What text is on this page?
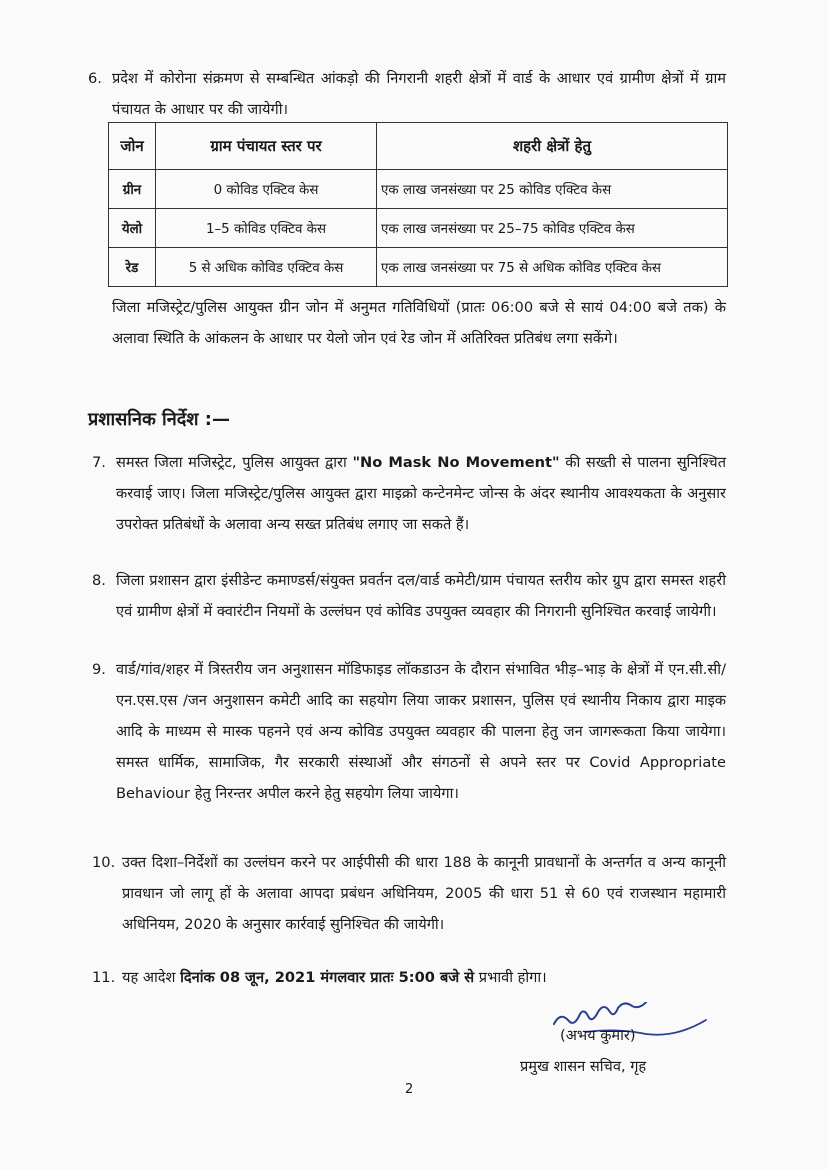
6. प्रदेश में कोरोना संक्रमण से सम्बन्धित आंकड़ो की निगरानी शहरी क्षेत्रों में वार्ड के आधार एवं ग्रामीण क्षेत्रों में ग्राम पंचायत के आधार पर की जायेगी।
जोन	ग्राम पंचायत स्तर पर	शहरी क्षेत्रों हेतु
ग्रीन	0 कोविड एक्टिव केस	एक लाख जनसंख्या पर 25 कोविड एक्टिव केस
येलो	1–5 कोविड एक्टिव केस	एक लाख जनसंख्या पर 25–75 कोविड एक्टिव केस
रेड	5 से अधिक कोविड एक्टिव केस	एक लाख जनसंख्या पर 75 से अधिक कोविड एक्टिव केस
जिला मजिस्ट्रेट/पुलिस आयुक्त ग्रीन जोन में अनुमत गतिविधियों (प्रातः 06:00 बजे से सायं 04:00 बजे तक) के अलावा स्थिति के आंकलन के आधार पर येलो जोन एवं रेड जोन में अतिरिक्त प्रतिबंध लगा सकेंगे।
प्रशासनिक निर्देश :—
7. समस्त जिला मजिस्ट्रेट, पुलिस आयुक्त द्वारा "No Mask No Movement" की सख्ती से पालना सुनिश्चित करवाई जाए। जिला मजिस्ट्रेट/पुलिस आयुक्त द्वारा माइक्रो कन्टेनमेन्ट जोन्स के अंदर स्थानीय आवश्यकता के अनुसार उपरोक्त प्रतिबंधों के अलावा अन्य सख्त प्रतिबंध लगाए जा सकते हैं।
8. जिला प्रशासन द्वारा इंसीडेन्ट कमाण्डर्स/संयुक्त प्रवर्तन दल/वार्ड कमेटी/ग्राम पंचायत स्तरीय कोर ग्रुप द्वारा समस्त शहरी एवं ग्रामीण क्षेत्रों में क्वारंटीन नियमों के उल्लंघन एवं कोविड उपयुक्त व्यवहार की निगरानी सुनिश्चित करवाई जायेगी।
9. वार्ड/गांव/शहर में त्रिस्तरीय जन अनुशासन मॉडिफाइड लॉकडाउन के दौरान संभावित भीड़–भाड़ के क्षेत्रों में एन.सी.सी/एन.एस.एस /जन अनुशासन कमेटी आदि का सहयोग लिया जाकर प्रशासन, पुलिस एवं स्थानीय निकाय द्वारा माइक आदि के माध्यम से मास्क पहनने एवं अन्य कोविड उपयुक्त व्यवहार की पालना हेतु जन जागरूकता किया जायेगा। समस्त धार्मिक, सामाजिक, गैर सरकारी संस्थाओं और संगठनों से अपने स्तर पर Covid Appropriate Behaviour हेतु निरन्तर अपील करने हेतु सहयोग लिया जायेगा।
10. उक्त दिशा–निर्देशों का उल्लंघन करने पर आईपीसी की धारा 188 के कानूनी प्रावधानों के अन्तर्गत व अन्य कानूनी प्रावधान जो लागू हों के अलावा आपदा प्रबंधन अधिनियम, 2005 की धारा 51 से 60 एवं राजस्थान महामारी अधिनियम, 2020 के अनुसार कार्रवाई सुनिश्चित की जायेगी।
11. यह आदेश दिनांक 08 जून, 2021 मंगलवार प्रातः 5:00 बजे से प्रभावी होगा।
(अभय कुमार)
प्रमुख शासन सचिव, गृह
2
